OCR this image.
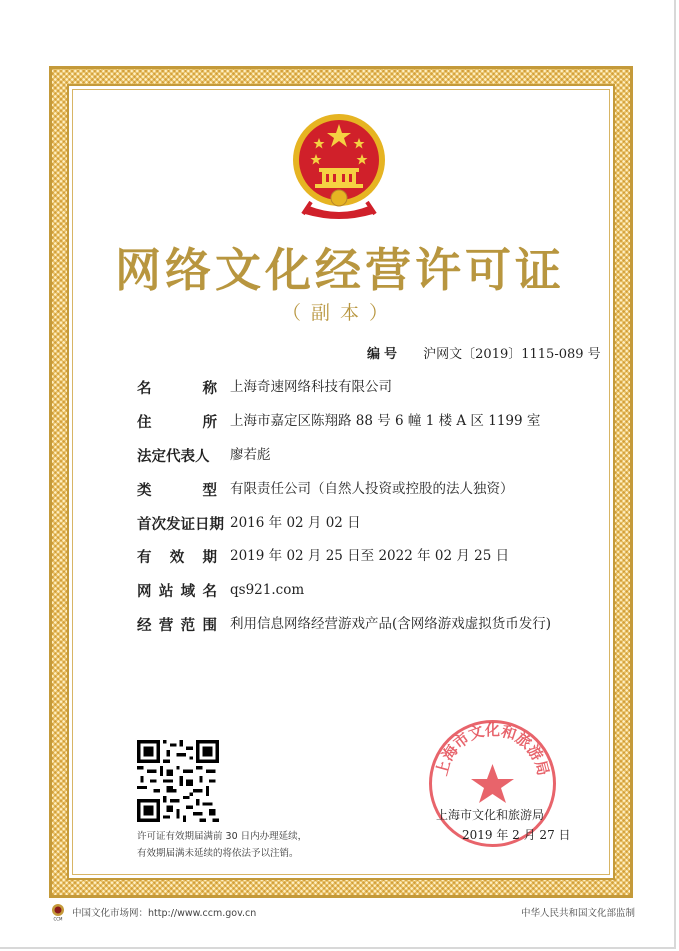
网络文化经营许可证
（副本）
编号 沪网文〔2019〕1115-089 号
名	称 上海奇速网络科技有限公司
住	所 上海市嘉定区陈翔路 88 号 6 幢 1 楼 A 区 1199 室
法定代表人 廖若彪
类	型 有限责任公司（自然人投资或控股的法人独资）
首次发证日期 2016 年 02 月 02 日
有 效 期 2019 年 02 月 25 日至 2022 年 02 月 25 日
网 站 域 名 qs921.com
经 营 范 围 利用信息网络经营游戏产品(含网络游戏虚拟货币发行)
许可证有效期届满前 30 日内办理延续，
有效期届满未延续的将依法予以注销。
上海市文化和旅游局
上海市文化和旅游局
2019 年 2 月 27 日
CCM 中国文化市场网：http://www.ccm.gov.cn	中华人民共和国文化部监制
